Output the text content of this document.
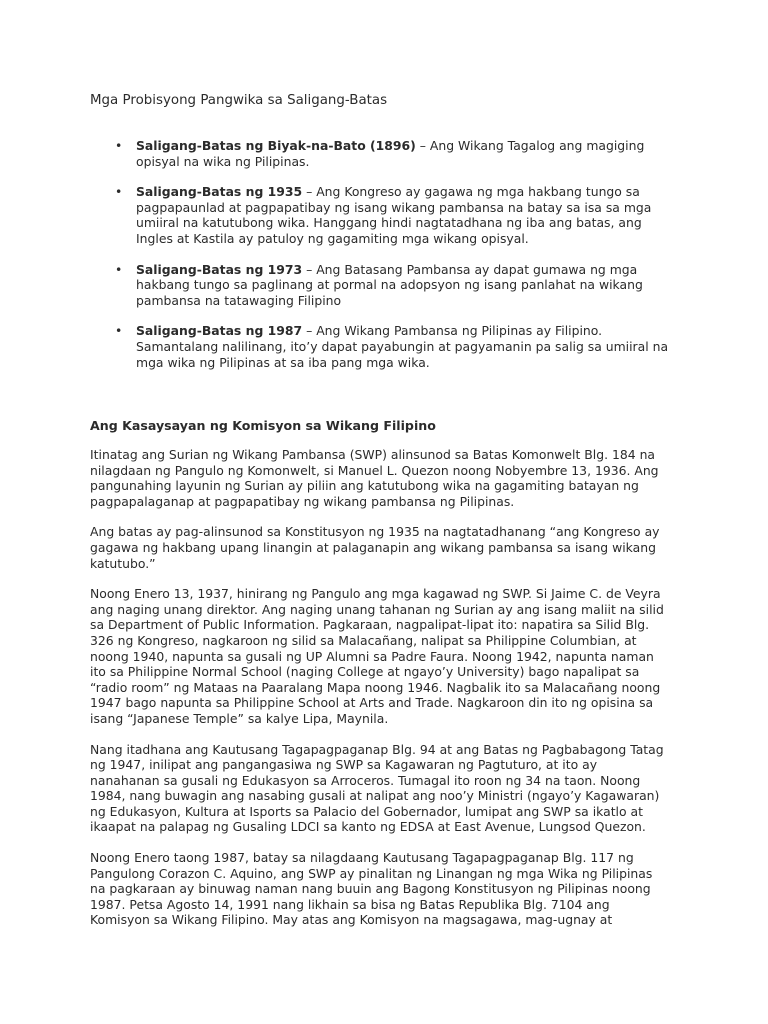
Mga Probisyong Pangwika sa Saligang-Batas
• Saligang-Batas ng Biyak-na-Bato (1896) – Ang Wikang Tagalog ang magiging opisyal na wika ng Pilipinas.
• Saligang-Batas ng 1935 – Ang Kongreso ay gagawa ng mga hakbang tungo sa pagpapaunlad at pagpapatibay ng isang wikang pambansa na batay sa isa sa mga umiiral na katutubong wika. Hanggang hindi nagtatadhana ng iba ang batas, ang Ingles at Kastila ay patuloy ng gagamiting mga wikang opisyal.
• Saligang-Batas ng 1973 – Ang Batasang Pambansa ay dapat gumawa ng mga hakbang tungo sa paglinang at pormal na adopsyon ng isang panlahat na wikang pambansa na tatawaging Filipino
• Saligang-Batas ng 1987 – Ang Wikang Pambansa ng Pilipinas ay Filipino. Samantalang nalilinang, ito’y dapat payabungin at pagyamanin pa salig sa umiiral na mga wika ng Pilipinas at sa iba pang mga wika.
Ang Kasaysayan ng Komisyon sa Wikang Filipino

Itinatag ang Surian ng Wikang Pambansa (SWP) alinsunod sa Batas Komonwelt Blg. 184 na nilagdaan ng Pangulo ng Komonwelt, si Manuel L. Quezon noong Nobyembre 13, 1936. Ang pangunahing layunin ng Surian ay piliin ang katutubong wika na gagamiting batayan ng pagpapalaganap at pagpapatibay ng wikang pambansa ng Pilipinas.

Ang batas ay pag-alinsunod sa Konstitusyon ng 1935 na nagtatadhanang “ang Kongreso ay gagawa ng hakbang upang linangin at palaganapin ang wikang pambansa sa isang wikang katutubo.”

Noong Enero 13, 1937, hinirang ng Pangulo ang mga kagawad ng SWP. Si Jaime C. de Veyra ang naging unang direktor. Ang naging unang tahanan ng Surian ay ang isang maliit na silid sa Department of Public Information. Pagkaraan, nagpalipat-lipat ito: napatira sa Silid Blg. 326 ng Kongreso, nagkaroon ng silid sa Malacañang, nalipat sa Philippine Columbian, at noong 1940, napunta sa gusali ng UP Alumni sa Padre Faura. Noong 1942, napunta naman ito sa Philippine Normal School (naging College at ngayo’y University) bago napalipat sa “radio room” ng Mataas na Paaralang Mapa noong 1946. Nagbalik ito sa Malacañang noong 1947 bago napunta sa Philippine School at Arts and Trade. Nagkaroon din ito ng opisina sa isang “Japanese Temple” sa kalye Lipa, Maynila.

Nang itadhana ang Kautusang Tagapagpaganap Blg. 94 at ang Batas ng Pagbabagong Tatag ng 1947, inilipat ang pangangasiwa ng SWP sa Kagawaran ng Pagtuturo, at ito ay nanahanan sa gusali ng Edukasyon sa Arroceros. Tumagal ito roon ng 34 na taon. Noong 1984, nang buwagin ang nasabing gusali at nalipat ang noo’y Ministri (ngayo’y Kagawaran) ng Edukasyon, Kultura at Isports sa Palacio del Gobernador, lumipat ang SWP sa ikatlo at ikaapat na palapag ng Gusaling LDCI sa kanto ng EDSA at East Avenue, Lungsod Quezon.

Noong Enero taong 1987, batay sa nilagdaang Kautusang Tagapagpaganap Blg. 117 ng Pangulong Corazon C. Aquino, ang SWP ay pinalitan ng Linangan ng mga Wika ng Pilipinas na pagkaraan ay binuwag naman nang buuin ang Bagong Konstitusyon ng Pilipinas noong 1987. Petsa Agosto 14, 1991 nang likhain sa bisa ng Batas Republika Blg. 7104 ang Komisyon sa Wikang Filipino. May atas ang Komisyon na magsagawa, mag-ugnay at
